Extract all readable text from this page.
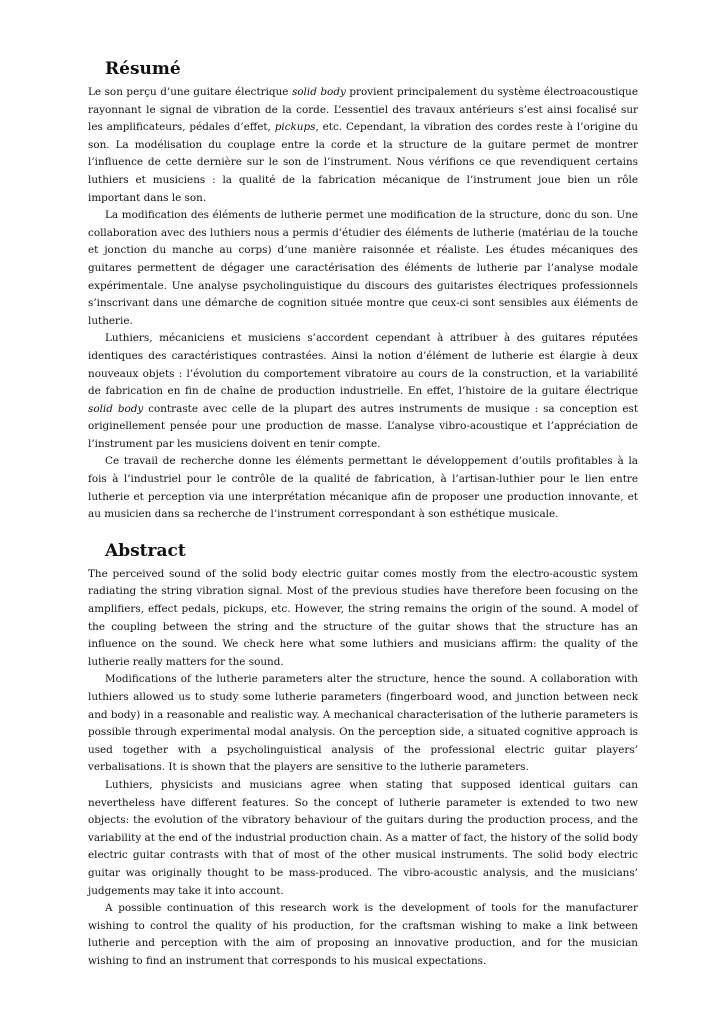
Résumé

Le son perçu d’une guitare électrique solid body provient principalement du système électroacoustique rayonnant le signal de vibration de la corde. L’essentiel des travaux antérieurs s’est ainsi focalisé sur les amplificateurs, pédales d’effet, pickups, etc. Cependant, la vibration des cordes reste à l’origine du son. La modélisation du couplage entre la corde et la structure de la guitare permet de montrer l’influence de cette dernière sur le son de l’instrument. Nous vérifions ce que revendiquent certains luthiers et musiciens : la qualité de la fabrication mécanique de l’instrument joue bien un rôle important dans le son.

La modification des éléments de lutherie permet une modification de la structure, donc du son. Une collaboration avec des luthiers nous a permis d’étudier des éléments de lutherie (matériau de la touche et jonction du manche au corps) d’une manière raisonnée et réaliste. Les études mécaniques des guitares permettent de dégager une caractérisation des éléments de lutherie par l’analyse modale expérimentale. Une analyse psycholinguistique du discours des guitaristes électriques professionnels s’inscrivant dans une démarche de cognition située montre que ceux-ci sont sensibles aux éléments de lutherie.

Luthiers, mécaniciens et musiciens s’accordent cependant à attribuer à des guitares réputées identiques des caractéristiques contrastées. Ainsi la notion d’élément de lutherie est élargie à deux nouveaux objets : l’évolution du comportement vibratoire au cours de la construction, et la variabilité de fabrication en fin de chaîne de production industrielle. En effet, l’histoire de la guitare électrique solid body contraste avec celle de la plupart des autres instruments de musique : sa conception est originellement pensée pour une production de masse. L’analyse vibro-acoustique et l’appréciation de l’instrument par les musiciens doivent en tenir compte.

Ce travail de recherche donne les éléments permettant le développement d’outils profitables à la fois à l’industriel pour le contrôle de la qualité de fabrication, à l’artisan-luthier pour le lien entre lutherie et perception via une interprétation mécanique afin de proposer une production innovante, et au musicien dans sa recherche de l’instrument correspondant à son esthétique musicale.

Abstract

The perceived sound of the solid body electric guitar comes mostly from the electro-acoustic system radiating the string vibration signal. Most of the previous studies have therefore been focusing on the amplifiers, effect pedals, pickups, etc. However, the string remains the origin of the sound. A model of the coupling between the string and the structure of the guitar shows that the structure has an influence on the sound. We check here what some luthiers and musicians affirm: the quality of the lutherie really matters for the sound.

Modifications of the lutherie parameters alter the structure, hence the sound. A collaboration with luthiers allowed us to study some lutherie parameters (fingerboard wood, and junction between neck and body) in a reasonable and realistic way. A mechanical characterisation of the lutherie parameters is possible through experimental modal analysis. On the perception side, a situated cognitive approach is used together with a psycholinguistical analysis of the professional electric guitar players’ verbalisations. It is shown that the players are sensitive to the lutherie parameters.

Luthiers, physicists and musicians agree when stating that supposed identical guitars can nevertheless have different features. So the concept of lutherie parameter is extended to two new objects: the evolution of the vibratory behaviour of the guitars during the production process, and the variability at the end of the industrial production chain. As a matter of fact, the history of the solid body electric guitar contrasts with that of most of the other musical instruments. The solid body electric guitar was originally thought to be mass-produced. The vibro-acoustic analysis, and the musicians’ judgements may take it into account.

A possible continuation of this research work is the development of tools for the manufacturer wishing to control the quality of his production, for the craftsman wishing to make a link between lutherie and perception with the aim of proposing an innovative production, and for the musician wishing to find an instrument that corresponds to his musical expectations.
